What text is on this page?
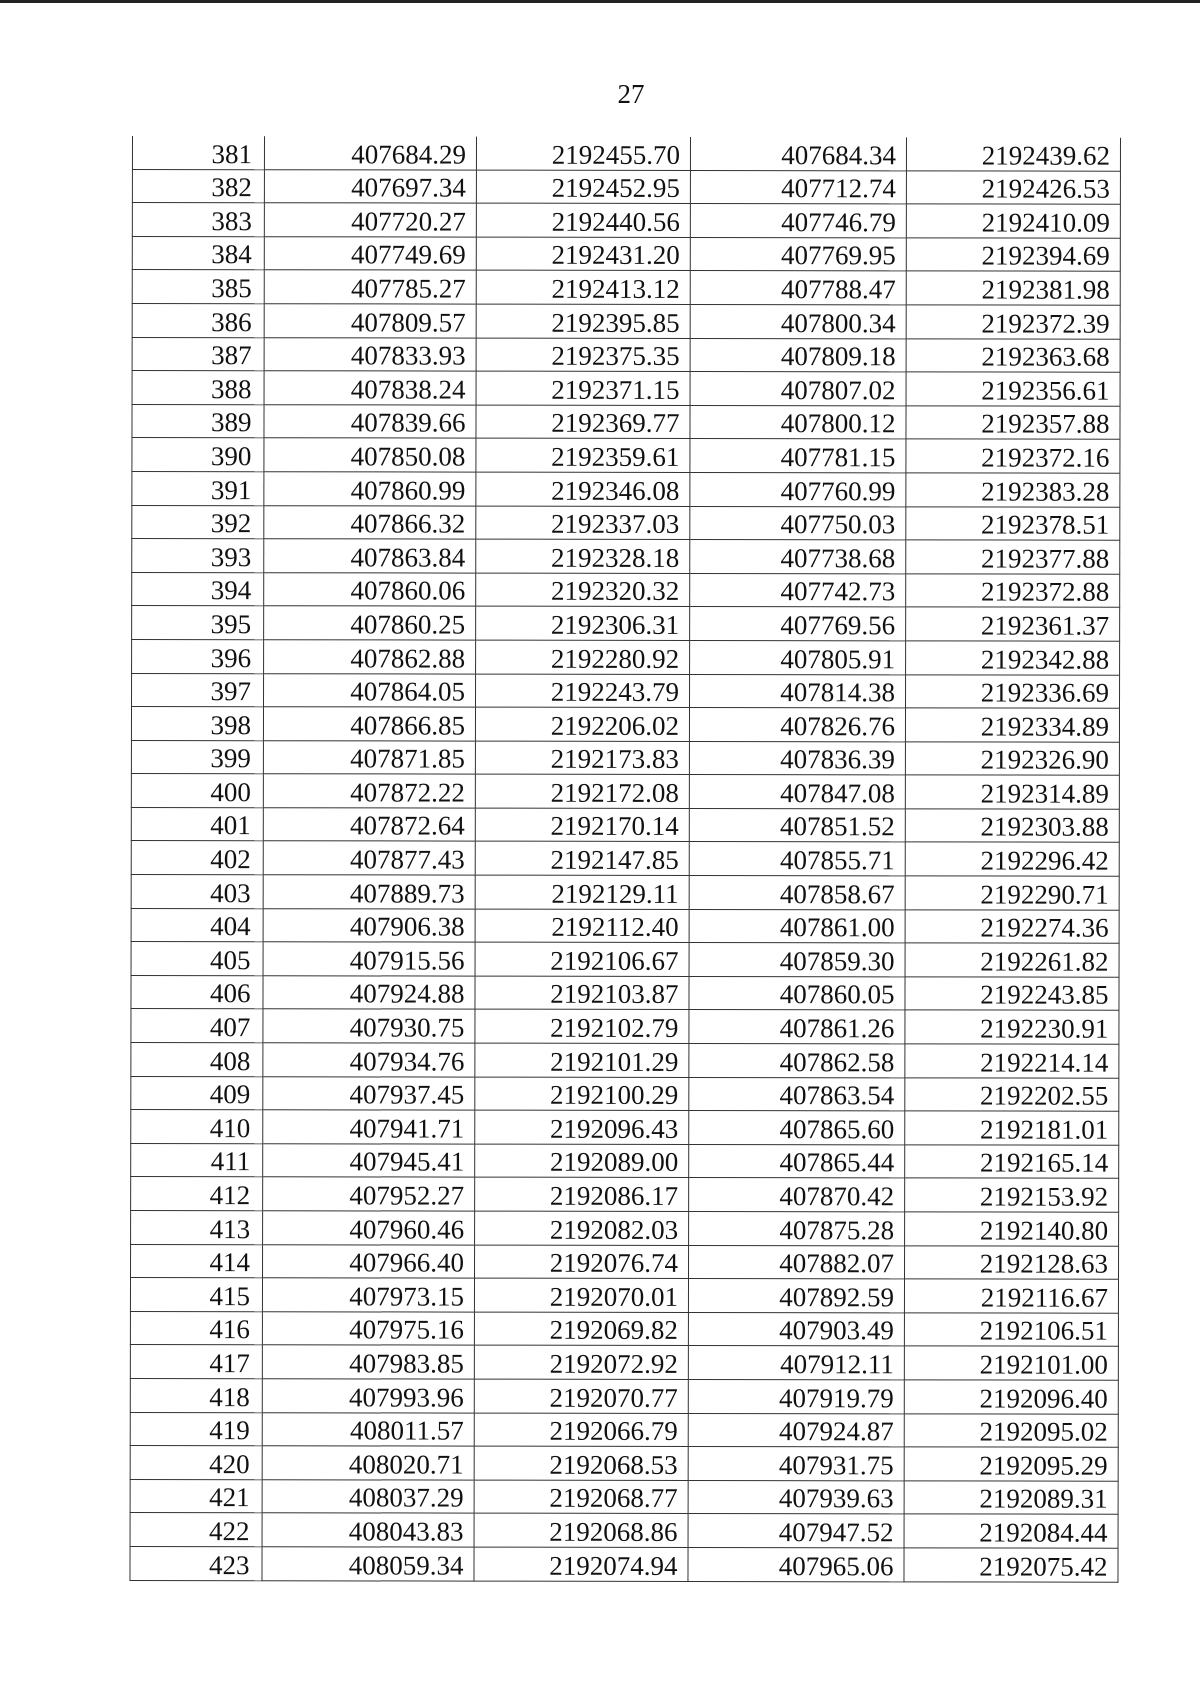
27
381	407684.29	2192455.70	407684.34	2192439.62
382	407697.34	2192452.95	407712.74	2192426.53
383	407720.27	2192440.56	407746.79	2192410.09
384	407749.69	2192431.20	407769.95	2192394.69
385	407785.27	2192413.12	407788.47	2192381.98
386	407809.57	2192395.85	407800.34	2192372.39
387	407833.93	2192375.35	407809.18	2192363.68
388	407838.24	2192371.15	407807.02	2192356.61
389	407839.66	2192369.77	407800.12	2192357.88
390	407850.08	2192359.61	407781.15	2192372.16
391	407860.99	2192346.08	407760.99	2192383.28
392	407866.32	2192337.03	407750.03	2192378.51
393	407863.84	2192328.18	407738.68	2192377.88
394	407860.06	2192320.32	407742.73	2192372.88
395	407860.25	2192306.31	407769.56	2192361.37
396	407862.88	2192280.92	407805.91	2192342.88
397	407864.05	2192243.79	407814.38	2192336.69
398	407866.85	2192206.02	407826.76	2192334.89
399	407871.85	2192173.83	407836.39	2192326.90
400	407872.22	2192172.08	407847.08	2192314.89
401	407872.64	2192170.14	407851.52	2192303.88
402	407877.43	2192147.85	407855.71	2192296.42
403	407889.73	2192129.11	407858.67	2192290.71
404	407906.38	2192112.40	407861.00	2192274.36
405	407915.56	2192106.67	407859.30	2192261.82
406	407924.88	2192103.87	407860.05	2192243.85
407	407930.75	2192102.79	407861.26	2192230.91
408	407934.76	2192101.29	407862.58	2192214.14
409	407937.45	2192100.29	407863.54	2192202.55
410	407941.71	2192096.43	407865.60	2192181.01
411	407945.41	2192089.00	407865.44	2192165.14
412	407952.27	2192086.17	407870.42	2192153.92
413	407960.46	2192082.03	407875.28	2192140.80
414	407966.40	2192076.74	407882.07	2192128.63
415	407973.15	2192070.01	407892.59	2192116.67
416	407975.16	2192069.82	407903.49	2192106.51
417	407983.85	2192072.92	407912.11	2192101.00
418	407993.96	2192070.77	407919.79	2192096.40
419	408011.57	2192066.79	407924.87	2192095.02
420	408020.71	2192068.53	407931.75	2192095.29
421	408037.29	2192068.77	407939.63	2192089.31
422	408043.83	2192068.86	407947.52	2192084.44
423	408059.34	2192074.94	407965.06	2192075.42
